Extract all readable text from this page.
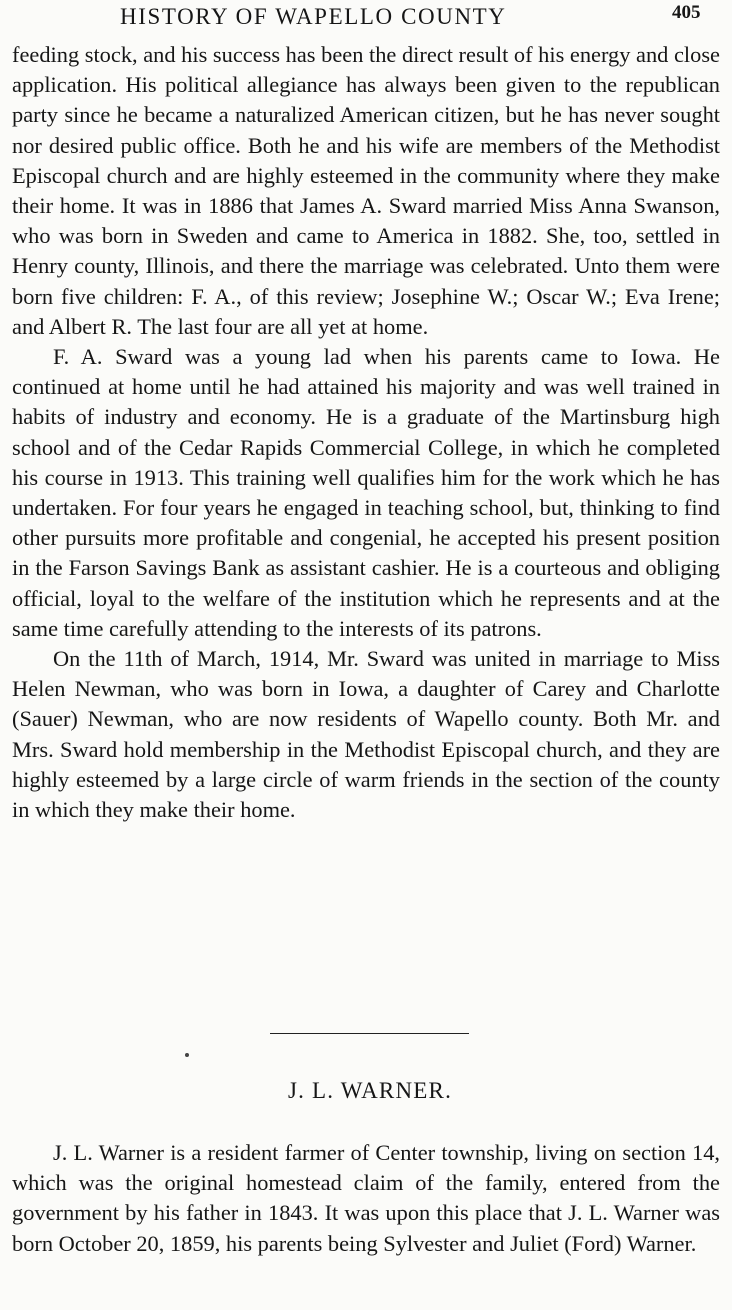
HISTORY OF WAPELLO COUNTY	405

feeding stock, and his success has been the direct result of his energy and close application. His political allegiance has always been given to the republican party since he became a naturalized American citizen, but he has never sought nor desired public office. Both he and his wife are members of the Methodist Episcopal church and are highly esteemed in the community where they make their home. It was in 1886 that James A. Sward married Miss Anna Swanson, who was born in Sweden and came to America in 1882. She, too, settled in Henry county, Illinois, and there the marriage was celebrated. Unto them were born five children: F. A., of this review; Josephine W.; Oscar W.; Eva Irene; and Albert R. The last four are all yet at home.

F. A. Sward was a young lad when his parents came to Iowa. He continued at home until he had attained his majority and was well trained in habits of industry and economy. He is a graduate of the Martinsburg high school and of the Cedar Rapids Commercial College, in which he completed his course in 1913. This training well qualifies him for the work which he has undertaken. For four years he engaged in teaching school, but, thinking to find other pursuits more profitable and congenial, he accepted his present position in the Farson Savings Bank as assistant cashier. He is a courteous and obliging official, loyal to the welfare of the institution which he represents and at the same time carefully attending to the interests of its patrons.

On the 11th of March, 1914, Mr. Sward was united in marriage to Miss Helen Newman, who was born in Iowa, a daughter of Carey and Charlotte (Sauer) Newman, who are now residents of Wapello county. Both Mr. and Mrs. Sward hold membership in the Methodist Episcopal church, and they are highly esteemed by a large circle of warm friends in the section of the county in which they make their home.

J. L. WARNER.

J. L. Warner is a resident farmer of Center township, living on section 14, which was the original homestead claim of the family, entered from the government by his father in 1843. It was upon this place that J. L. Warner was born October 20, 1859, his parents being Sylvester and Juliet (Ford) Warner.
